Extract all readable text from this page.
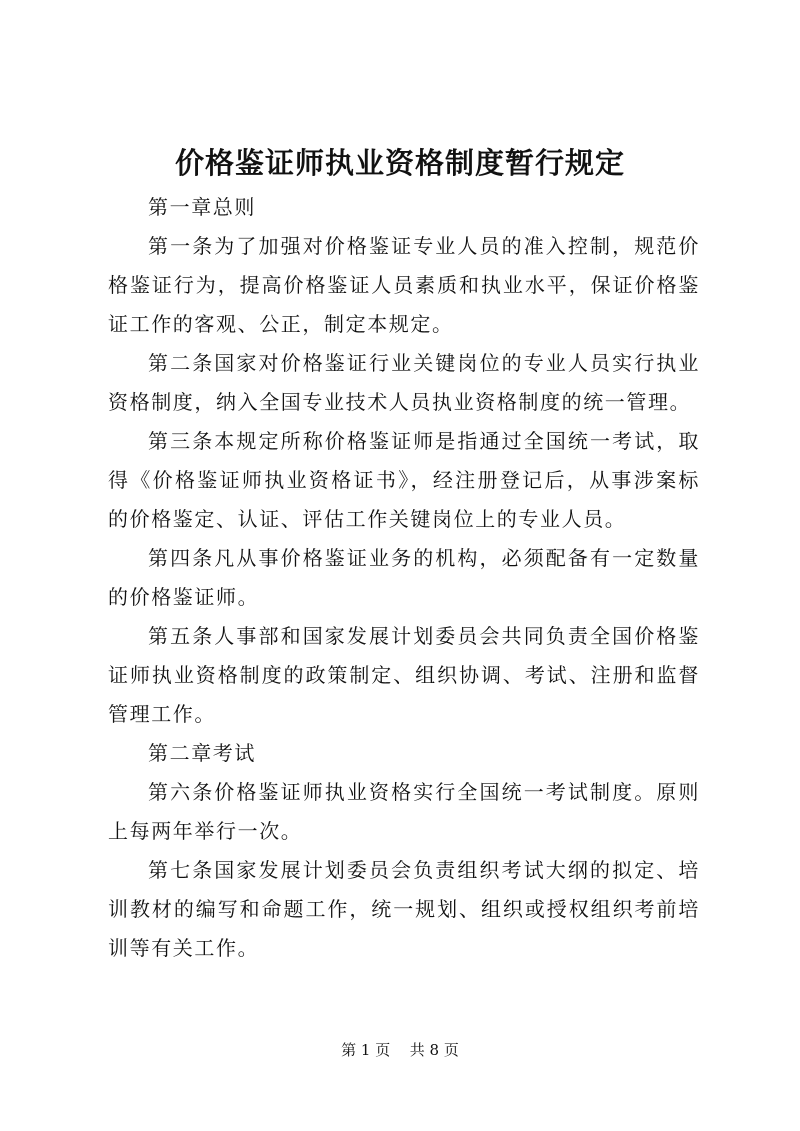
价格鉴证师执业资格制度暂行规定

第一章总则

第一条为了加强对价格鉴证专业人员的准入控制，规范价格鉴证行为，提高价格鉴证人员素质和执业水平，保证价格鉴证工作的客观、公正，制定本规定。

第二条国家对价格鉴证行业关键岗位的专业人员实行执业资格制度，纳入全国专业技术人员执业资格制度的统一管理。

第三条本规定所称价格鉴证师是指通过全国统一考试，取得《价格鉴证师执业资格证书》，经注册登记后，从事涉案标的价格鉴定、认证、评估工作关键岗位上的专业人员。

第四条凡从事价格鉴证业务的机构，必须配备有一定数量的价格鉴证师。

第五条人事部和国家发展计划委员会共同负责全国价格鉴证师执业资格制度的政策制定、组织协调、考试、注册和监督管理工作。

第二章考试

第六条价格鉴证师执业资格实行全国统一考试制度。原则上每两年举行一次。

第七条国家发展计划委员会负责组织考试大纲的拟定、培训教材的编写和命题工作，统一规划、组织或授权组织考前培训等有关工作。

第 1 页 共 8 页
